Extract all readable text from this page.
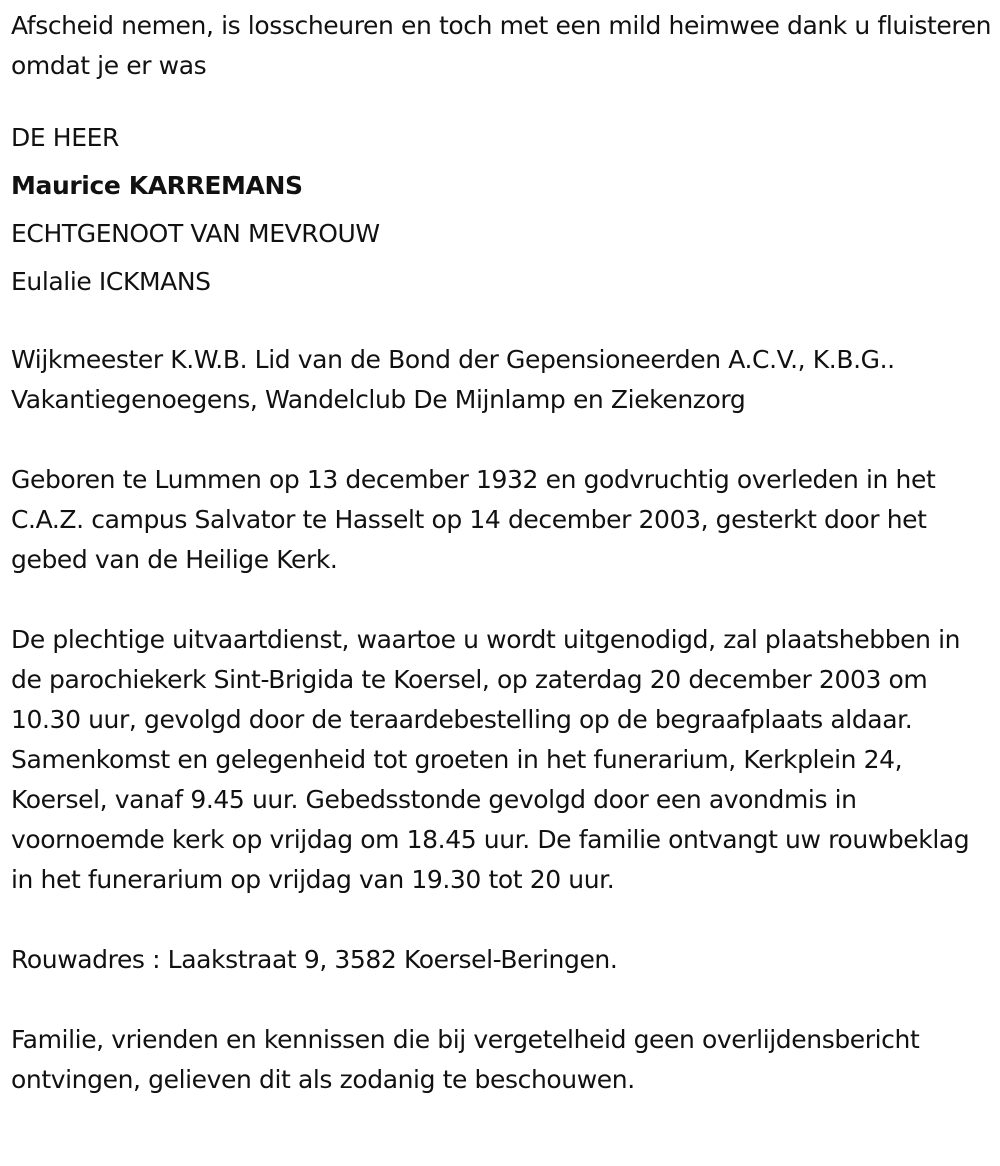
Afscheid nemen, is losscheuren en toch met een mild heimwee dank u fluisteren omdat je er was

DE HEER

Maurice KARREMANS

ECHTGENOOT VAN MEVROUW

Eulalie ICKMANS

Wijkmeester K.W.B. Lid van de Bond der Gepensioneerden A.C.V., K.B.G.. Vakantiegenoegens, Wandelclub De Mijnlamp en Ziekenzorg

Geboren te Lummen op 13 december 1932 en godvruchtig overleden in het C.A.Z. campus Salvator te Hasselt op 14 december 2003, gesterkt door het gebed van de Heilige Kerk.

De plechtige uitvaartdienst, waartoe u wordt uitgenodigd, zal plaatshebben in de parochiekerk Sint-Brigida te Koersel, op zaterdag 20 december 2003 om 10.30 uur, gevolgd door de teraardebestelling op de begraafplaats aldaar. Samenkomst en gelegenheid tot groeten in het funerarium, Kerkplein 24, Koersel, vanaf 9.45 uur. Gebedsstonde gevolgd door een avondmis in voornoemde kerk op vrijdag om 18.45 uur. De familie ontvangt uw rouwbeklag in het funerarium op vrijdag van 19.30 tot 20 uur.

Rouwadres : Laakstraat 9, 3582 Koersel-Beringen.

Familie, vrienden en kennissen die bij vergetelheid geen overlijdensbericht ontvingen, gelieven dit als zodanig te beschouwen.
